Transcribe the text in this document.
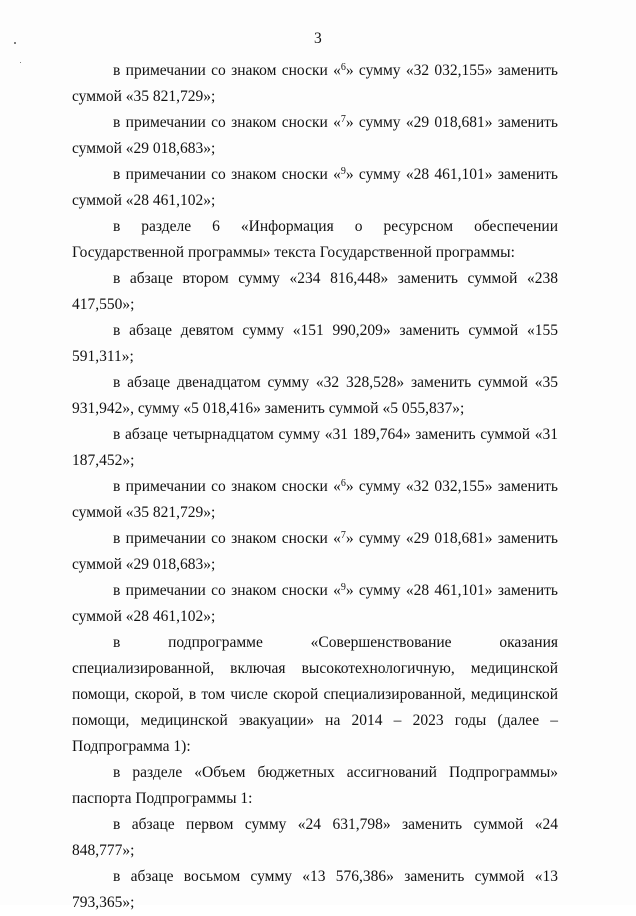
3

в примечании со знаком сноски «$^6$» сумму «32 032,155» заменить суммой «35 821,729»;

в примечании со знаком сноски «$^7$» сумму «29 018,681» заменить суммой «29 018,683»;

в примечании со знаком сноски «$^9$» сумму «28 461,101» заменить суммой «28 461,102»;

в разделе 6 «Информация о ресурсном обеспечении Государственной программы» текста Государственной программы:

в абзаце втором сумму «234 816,448» заменить суммой «238 417,550»;

в абзаце девятом сумму «151 990,209» заменить суммой «155 591,311»;

в абзаце двенадцатом сумму «32 328,528» заменить суммой «35 931,942», сумму «5 018,416» заменить суммой «5 055,837»;

в абзаце четырнадцатом сумму «31 189,764» заменить суммой «31 187,452»;

в примечании со знаком сноски «$^6$» сумму «32 032,155» заменить суммой «35 821,729»;

в примечании со знаком сноски «$^7$» сумму «29 018,681» заменить суммой «29 018,683»;

в примечании со знаком сноски «$^9$» сумму «28 461,101» заменить суммой «28 461,102»;

в подпрограмме «Совершенствование оказания специализированной, включая высокотехнологичную, медицинской помощи, скорой, в том числе скорой специализированной, медицинской помощи, медицинской эвакуации» на 2014 – 2023 годы (далее – Подпрограмма 1):

в разделе «Объем бюджетных ассигнований Подпрограммы» паспорта Подпрограммы 1:

в абзаце первом сумму «24 631,798» заменить суммой «24 848,777»;

в абзаце восьмом сумму «13 576,386» заменить суммой «13 793,365»;
